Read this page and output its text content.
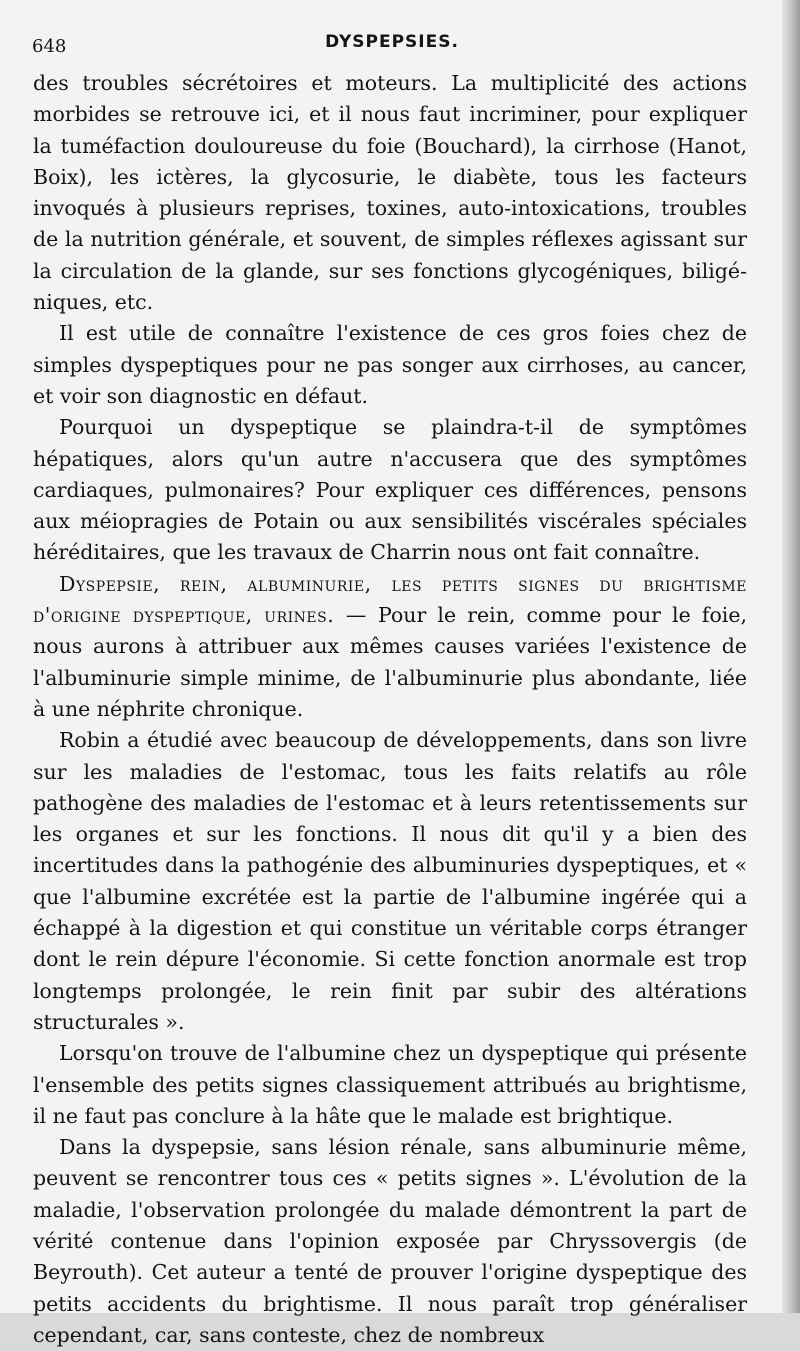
648	DYSPEPSIES.

des troubles sécrétoires et moteurs. La multiplicité des actions morbides se retrouve ici, et il nous faut incriminer, pour expliquer la tuméfaction douloureuse du foie (Bouchard), la cirrhose (Hanot, Boix), les ictères, la glycosurie, le diabète, tous les facteurs invoqués à plusieurs reprises, toxines, auto-intoxications, troubles de la nutrition générale, et souvent, de simples réflexes agissant sur la circulation de la glande, sur ses fonctions glycogéniques, biligéniques, etc.

Il est utile de connaître l'existence de ces gros foies chez de simples dyspeptiques pour ne pas songer aux cirrhoses, au cancer, et voir son diagnostic en défaut.

Pourquoi un dyspeptique se plaindra-t-il de symptômes hépatiques, alors qu'un autre n'accusera que des symptômes cardiaques, pulmonaires? Pour expliquer ces différences, pensons aux méiopragies de Potain ou aux sensibilités viscérales spéciales héréditaires, que les travaux de Charrin nous ont fait connaître.

Dyspepsie, rein, albuminurie, les petits signes du brightisme d'origine dyspeptique, urines. — Pour le rein, comme pour le foie, nous aurons à attribuer aux mêmes causes variées l'existence de l'albuminurie simple minime, de l'albuminurie plus abondante, liée à une néphrite chronique.

Robin a étudié avec beaucoup de développements, dans son livre sur les maladies de l'estomac, tous les faits relatifs au rôle pathogène des maladies de l'estomac et à leurs retentissements sur les organes et sur les fonctions. Il nous dit qu'il y a bien des incertitudes dans la pathogénie des albuminuries dyspeptiques, et « que l'albumine excrétée est la partie de l'albumine ingérée qui a échappé à la digestion et qui constitue un véritable corps étranger dont le rein dépure l'économie. Si cette fonction anormale est trop longtemps prolongée, le rein finit par subir des altérations structurales ».

Lorsqu'on trouve de l'albumine chez un dyspeptique qui présente l'ensemble des petits signes classiquement attribués au brightisme, il ne faut pas conclure à la hâte que le malade est brightique.

Dans la dyspepsie, sans lésion rénale, sans albuminurie même, peuvent se rencontrer tous ces « petits signes ». L'évolution de la maladie, l'observation prolongée du malade démontrent la part de vérité contenue dans l'opinion exposée par Chryssovergis (de Beyrouth). Cet auteur a tenté de prouver l'origine dyspeptique des petits accidents du brightisme. Il nous paraît trop généraliser cependant, car, sans conteste, chez de nombreux
